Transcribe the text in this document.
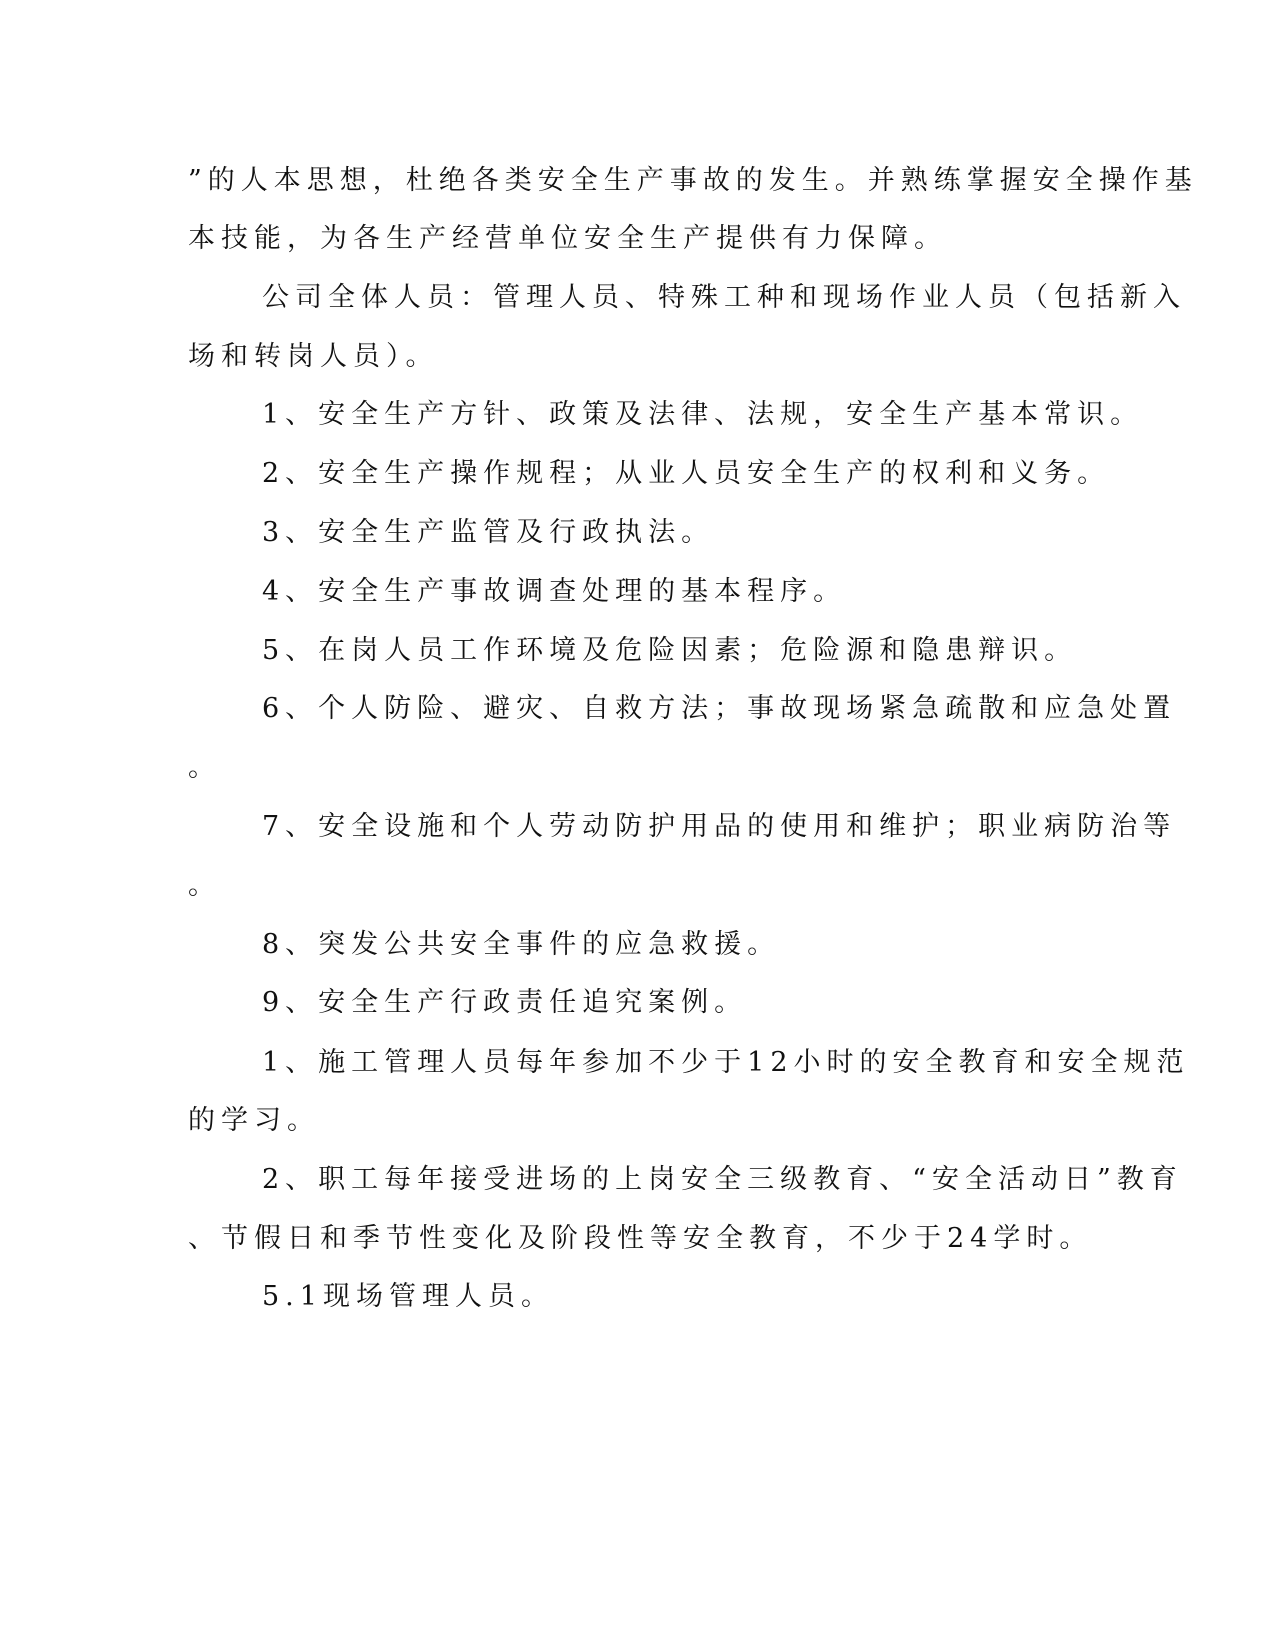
”的人本思想，杜绝各类安全生产事故的发生。并熟练掌握安全操作基
本技能，为各生产经营单位安全生产提供有力保障。
公司全体人员：管理人员、特殊工种和现场作业人员（包括新入
场和转岗人员）。
1、安全生产方针、政策及法律、法规，安全生产基本常识。
2、安全生产操作规程；从业人员安全生产的权利和义务。
3、安全生产监管及行政执法。
4、安全生产事故调查处理的基本程序。
5、在岗人员工作环境及危险因素；危险源和隐患辩识。
6、个人防险、避灾、自救方法；事故现场紧急疏散和应急处置
。
7、安全设施和个人劳动防护用品的使用和维护；职业病防治等
。
8、突发公共安全事件的应急救援。
9、安全生产行政责任追究案例。
1、施工管理人员每年参加不少于12小时的安全教育和安全规范
的学习。
2、职工每年接受进场的上岗安全三级教育、“安全活动日”教育
、节假日和季节性变化及阶段性等安全教育，不少于24学时。
5.1现场管理人员。
